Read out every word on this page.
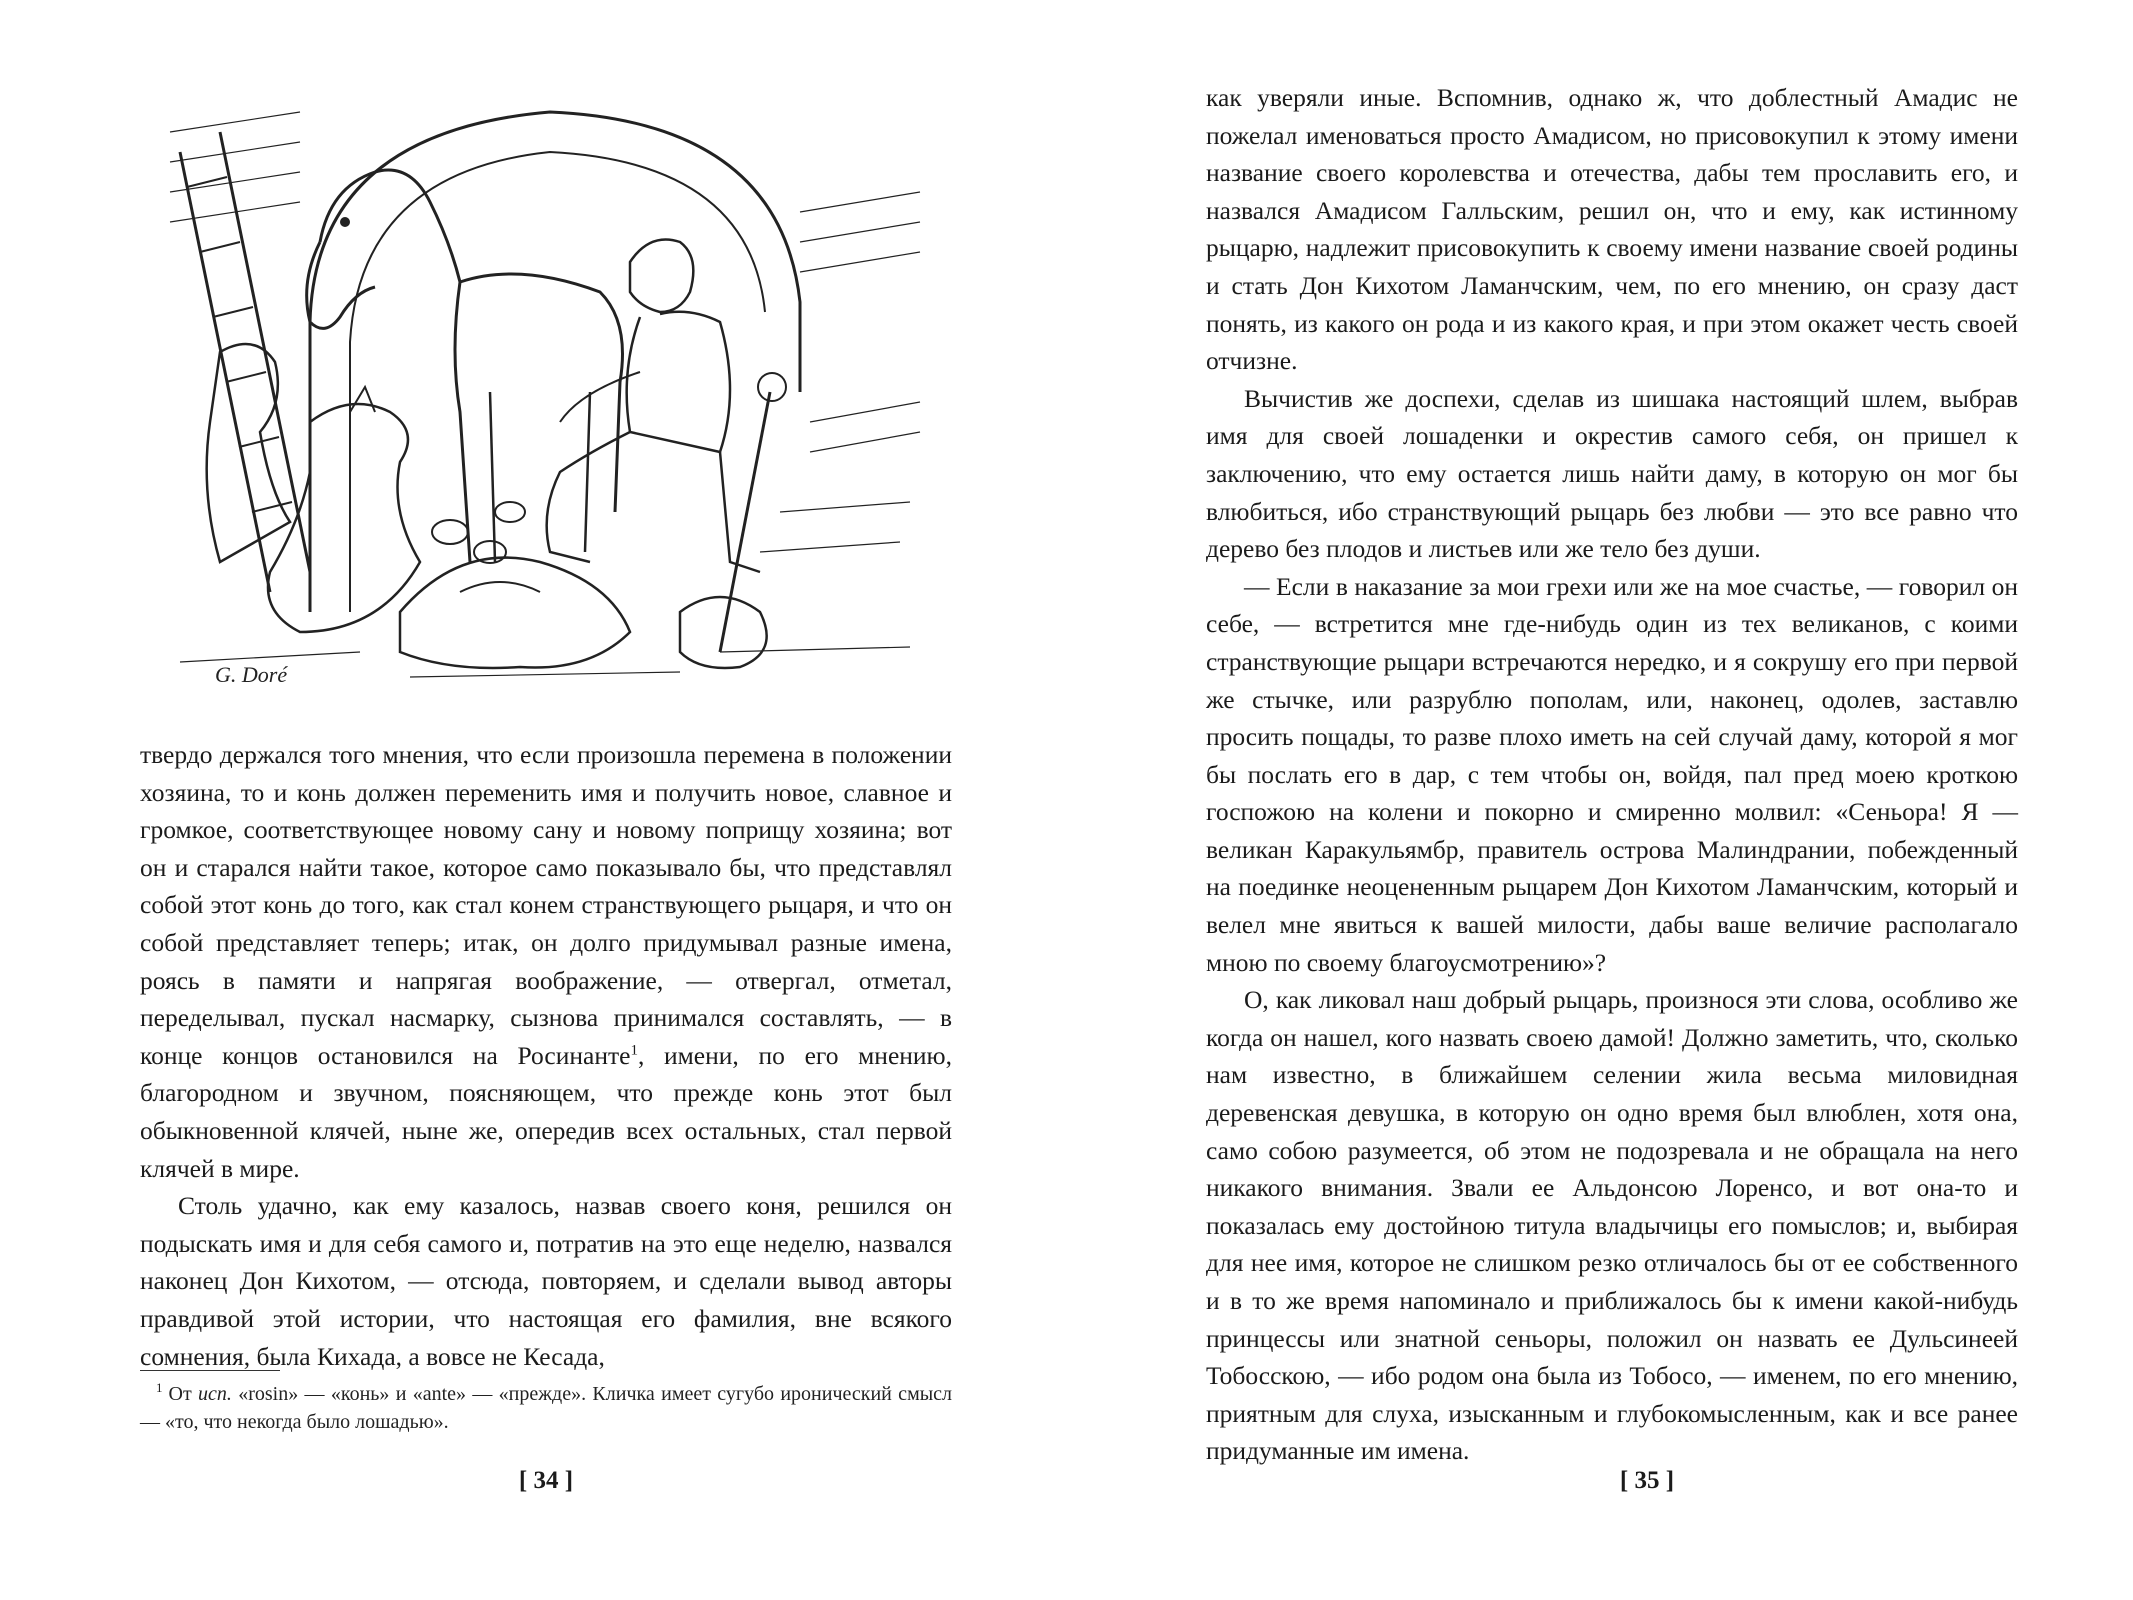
G. Doré

твердо держался того мнения, что если произошла перемена в положении хозяина, то и конь должен переменить имя и получить новое, славное и громкое, соответствующее новому сану и новому поприщу хозяина; вот он и старался найти такое, которое само показывало бы, что представлял собой этот конь до того, как стал конем странствующего рыцаря, и что он собой представляет теперь; итак, он долго придумывал разные имена, роясь в памяти и напрягая воображение, — отвергал, отметал, переделывал, пускал насмарку, сызнова принимался составлять, — в конце концов остановился на Росинанте$^1$, имени, по его мнению, благородном и звучном, поясняющем, что прежде конь этот был обыкновенной клячей, ныне же, опередив всех остальных, стал первой клячей в мире.

Столь удачно, как ему казалось, назвав своего коня, решился он подыскать имя и для себя самого и, потратив на это еще неделю, назвался наконец Дон Кихотом, — отсюда, повторяем, и сделали вывод авторы правдивой этой истории, что настоящая его фамилия, вне всякого сомнения, была Кихада, а вовсе не Кесада,

$^1$ От исп. «rosin» — «конь» и «ante» — «прежде». Кличка имеет сугубо иронический смысл — «то, что некогда было лошадью».
[ 34 ]

как уверяли иные. Вспомнив, однако ж, что доблестный Амадис не пожелал именоваться просто Амадисом, но присовокупил к этому имени название своего королевства и отечества, дабы тем прославить его, и назвался Амадисом Галльским, решил он, что и ему, как истинному рыцарю, надлежит присовокупить к своему имени название своей родины и стать Дон Кихотом Ламанчским, чем, по его мнению, он сразу даст понять, из какого он рода и из какого края, и при этом окажет честь своей отчизне.

Вычистив же доспехи, сделав из шишака настоящий шлем, выбрав имя для своей лошаденки и окрестив самого себя, он пришел к заключению, что ему остается лишь найти даму, в которую он мог бы влюбиться, ибо странствующий рыцарь без любви — это все равно что дерево без плодов и листьев или же тело без души.

— Если в наказание за мои грехи или же на мое счастье, — говорил он себе, — встретится мне где-нибудь один из тех великанов, с коими странствующие рыцари встречаются нередко, и я сокрушу его при первой же стычке, или разрублю пополам, или, наконец, одолев, заставлю просить пощады, то разве плохо иметь на сей случай даму, которой я мог бы послать его в дар, с тем чтобы он, войдя, пал пред моею кроткою госпожою на колени и покорно и смиренно молвил: «Сеньора! Я — великан Каракульямбр, правитель острова Малиндрании, побежденный на поединке неоцененным рыцарем Дон Кихотом Ламанчским, который и велел мне явиться к вашей милости, дабы ваше величие располагало мною по своему благоусмотрению»?

О, как ликовал наш добрый рыцарь, произнося эти слова, особливо же когда он нашел, кого назвать своею дамой! Должно заметить, что, сколько нам известно, в ближайшем селении жила весьма миловидная деревенская девушка, в которую он одно время был влюблен, хотя она, само собою разумеется, об этом не подозревала и не обращала на него никакого внимания. Звали ее Альдонсою Лоренсо, и вот она-то и показалась ему достойною титула владычицы его помыслов; и, выбирая для нее имя, которое не слишком резко отличалось бы от ее собственного и в то же время напоминало и приближалось бы к имени какой-нибудь принцессы или знатной сеньоры, положил он назвать ее Дульсинеей Тобосскою, — ибо родом она была из Тобосо, — именем, по его мнению, приятным для слуха, изысканным и глубокомысленным, как и все ранее придуманные им имена.

[ 35 ]
